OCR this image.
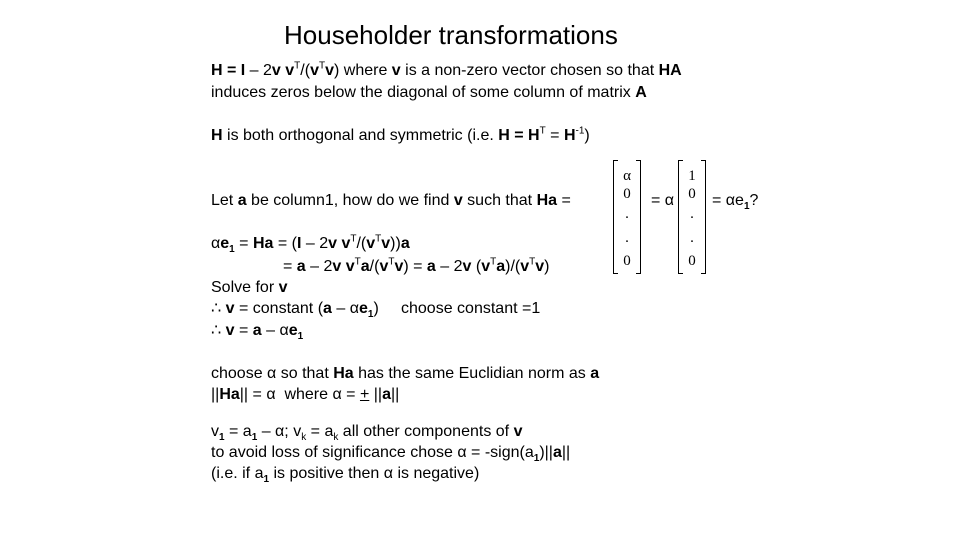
Householder transformations
H = I – 2v $v^T/(v^Tv)$ where v is a non-zero vector chosen so that HA
induces zeros below the diagonal of some column of matrix A
H is both orthogonal and symmetric (i.e. $H = H^T = H^{-1}$)
Let a be column1, how do we find v such that Ha =
α
0
.
.
0
= α
1
0
.
.
0
= $\alpha e_1$?
$\alpha e_1 = Ha = (I - 2v$ $v^T/(v^Tv))a$
= a – 2v $v^Ta/(v^Tv) = a - 2v$ $(v^Ta)/(v^Tv)$
Solve for v
∴ v = constant $(a - \alpha e_1)$     choose constant =1
∴ $v = a - \alpha e_1$
choose α so that Ha has the same Euclidian norm as a
||Ha|| = α  where α = + ||a||
$v_1 = a_1 - \alpha$; $v_k = a_k$ all other components of v
to avoid loss of significance chose $\alpha = -sign(a_1)||a||$
(i.e. if $a_1$ is positive then α is negative)
